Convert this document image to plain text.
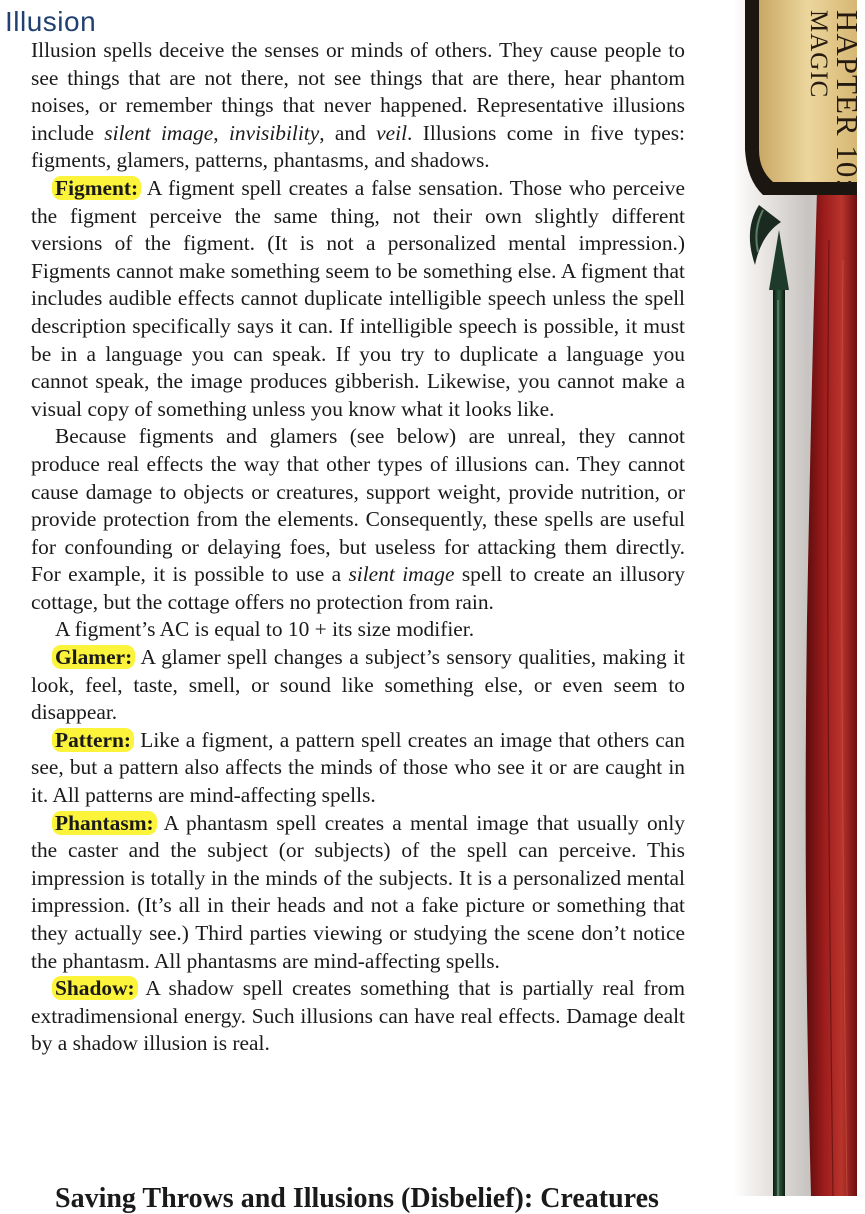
Illusion

Illusion spells deceive the senses or minds of others. They cause people to see things that are not there, not see things that are there, hear phantom noises, or remember things that never happened. Representative illusions include silent image, invisibility, and veil. Illusions come in five types: figments, glamers, patterns, phantasms, and shadows.

Figment: A figment spell creates a false sensation. Those who perceive the figment perceive the same thing, not their own slightly different versions of the figment. (It is not a personalized mental impression.) Figments cannot make something seem to be something else. A figment that includes audible effects cannot duplicate intelligible speech unless the spell description specifically says it can. If intelligible speech is possible, it must be in a language you can speak. If you try to duplicate a language you cannot speak, the image produces gibberish. Likewise, you cannot make a visual copy of something unless you know what it looks like.

Because figments and glamers (see below) are unreal, they cannot produce real effects the way that other types of illusions can. They cannot cause damage to objects or creatures, support weight, provide nutrition, or provide protection from the elements. Consequently, these spells are useful for confounding or delaying foes, but useless for attacking them directly. For example, it is possible to use a silent image spell to create an illusory cottage, but the cottage offers no protection from rain.

A figment’s AC is equal to 10 + its size modifier.

Glamer: A glamer spell changes a subject’s sensory qualities, making it look, feel, taste, smell, or sound like something else, or even seem to disappear.

Pattern: Like a figment, a pattern spell creates an image that others can see, but a pattern also affects the minds of those who see it or are caught in it. All patterns are mind-affecting spells.

Phantasm: A phantasm spell creates a mental image that usually only the caster and the subject (or subjects) of the spell can perceive. This impression is totally in the minds of the subjects. It is a personalized mental impression. (It’s all in their heads and not a fake picture or something that they actually see.) Third parties viewing or studying the scene don’t notice the phantasm. All phantasms are mind-affecting spells.

Shadow: A shadow spell creates something that is partially real from extradimensional energy. Such illusions can have real effects. Damage dealt by a shadow illusion is real.

Saving Throws and Illusions (Disbelief): Creatures
HAPTER 10:
MAGIC
